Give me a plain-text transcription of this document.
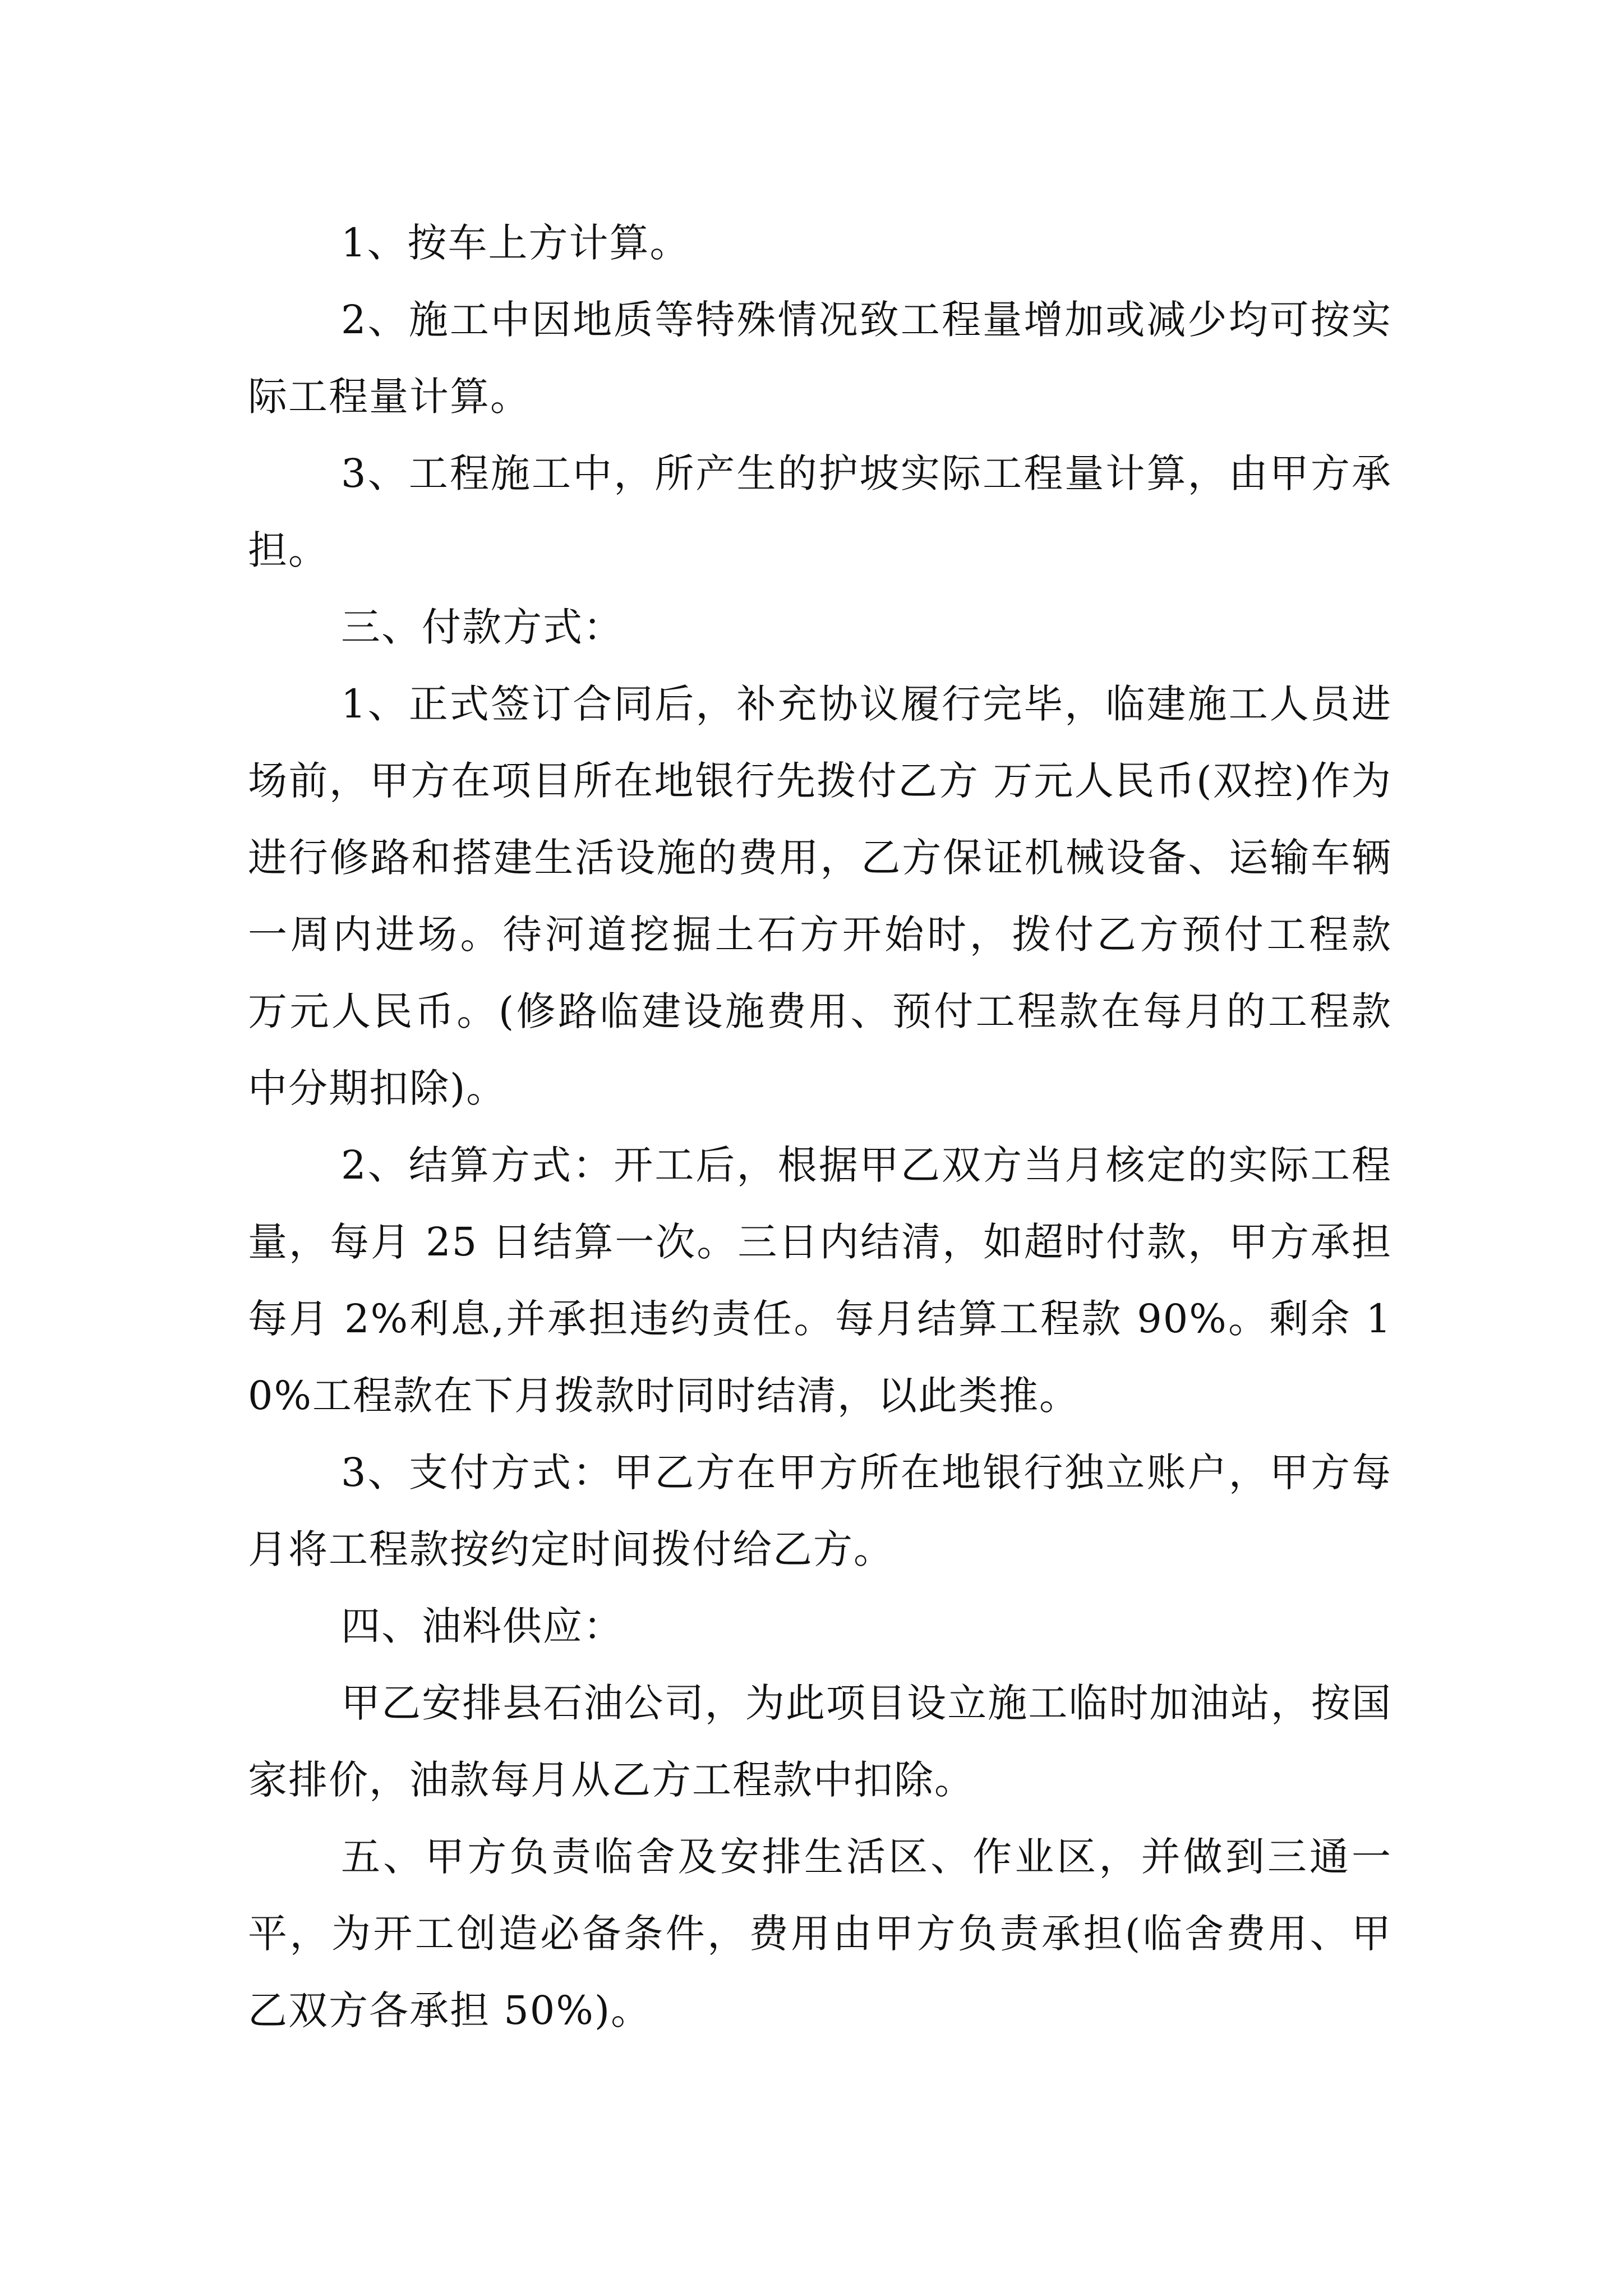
1、按车上方计算。

2、施工中因地质等特殊情况致工程量增加或减少均可按实际工程量计算。

3、工程施工中，所产生的护坡实际工程量计算，由甲方承担。

三、付款方式：

1、正式签订合同后，补充协议履行完毕，临建施工人员进场前，甲方在项目所在地银行先拨付乙方 万元人民币(双控)作为进行修路和搭建生活设施的费用，乙方保证机械设备、运输车辆一周内进场。待河道挖掘土石方开始时，拨付乙方预付工程款 万元人民币。(修路临建设施费用、预付工程款在每月的工程款中分期扣除)。

2、结算方式：开工后，根据甲乙双方当月核定的实际工程量，每月 25 日结算一次。三日内结清，如超时付款，甲方承担每月 2%利息,并承担违约责任。每月结算工程款 90%。剩余 10%工程款在下月拨款时同时结清，以此类推。

3、支付方式：甲乙方在甲方所在地银行独立账户，甲方每月将工程款按约定时间拨付给乙方。

四、油料供应：

甲乙安排县石油公司，为此项目设立施工临时加油站，按国家排价，油款每月从乙方工程款中扣除。

五、甲方负责临舍及安排生活区、作业区，并做到三通一平，为开工创造必备条件，费用由甲方负责承担(临舍费用、甲乙双方各承担 50%)。
